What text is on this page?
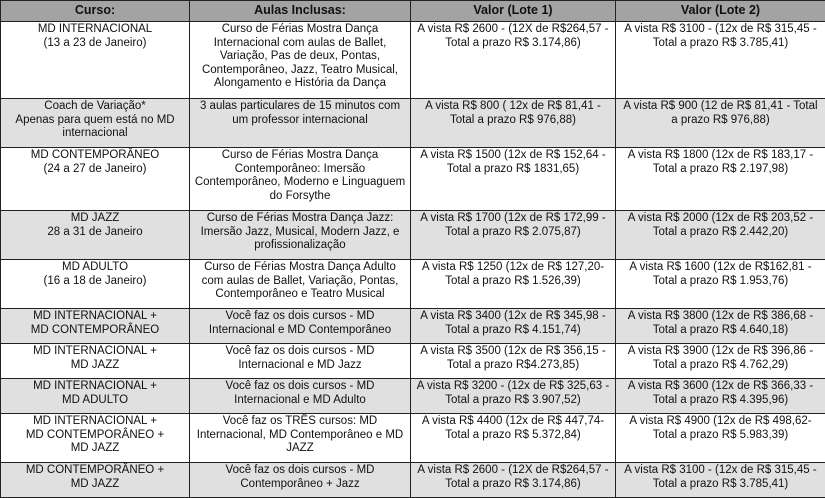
Curso:	Aulas Inclusas:	Valor (Lote 1)	Valor (Lote 2)

MD INTERNACIONAL
(13 a 23 de Janeiro)	Curso de Férias Mostra Dança Internacional com aulas de Ballet, Variação, Pas de deux, Pontas, Contemporâneo, Jazz, Teatro Musical, Alongamento e História da Dança	A vista R$ 2600 - (12X de R$264,57 - Total a prazo R$ 3.174,86)	A vista R$ 3100 - (12x de R$ 315,45 - Total a prazo R$ 3.785,41)

Coach de Variação*
Apenas para quem está no MD internacional	3 aulas particulares de 15 minutos com um professor internacional	A vista R$ 800 ( 12x de R$ 81,41 - Total a prazo R$ 976,88)	A vista R$ 900 (12 de R$ 81,41 - Total a prazo R$ 976,88)

MD CONTEMPORÂNEO
(24 a 27 de Janeiro)	Curso de Férias Mostra Dança Contemporâneo: Imersão Contemporâneo, Moderno e Linguaguem do Forsythe	A vista R$ 1500 (12x de R$ 152,64 - Total a prazo R$ 1831,65)	A vista R$ 1800 (12x de R$ 183,17 - Total a prazo R$ 2.197,98)

MD JAZZ
28 a 31 de Janeiro	Curso de Férias Mostra Dança Jazz: Imersão Jazz, Musical, Modern Jazz, e profissionalização	A vista R$ 1700 (12x de R$ 172,99 - Total a prazo R$ 2.075,87)	A vista R$ 2000 (12x de R$ 203,52 - Total a prazo R$ 2.442,20)

MD ADULTO
(16 a 18 de Janeiro)	Curso de Férias Mostra Dança Adulto com aulas de Ballet, Variação, Pontas, Contemporâneo e Teatro Musical	A vista R$ 1250 (12x de R$ 127,20- Total a prazo R$ 1.526,39)	A vista R$ 1600 (12x de R$162,81 - Total a prazo R$ 1.953,76)

MD INTERNACIONAL +
MD CONTEMPORÂNEO	Você faz os dois cursos - MD Internacional e MD Contemporâneo	A vista R$ 3400 (12x de R$ 345,98 - Total a prazo R$ 4.151,74)	A vista R$ 3800 (12x de R$ 386,68 - Total a prazo R$ 4.640,18)

MD INTERNACIONAL +
MD JAZZ	Você faz os dois cursos - MD Internacional e MD Jazz	A vista R$ 3500 (12x de R$ 356,15 - Total a prazo R$4.273,85)	A vista R$ 3900 (12x de R$ 396,86 - Total a prazo R$ 4.762,29)

MD INTERNACIONAL +
MD ADULTO	Você faz os dois cursos - MD Internacional e MD Adulto	A vista R$ 3200 - (12x de R$ 325,63 - Total a prazo R$ 3.907,52)	A vista R$ 3600 (12x de R$ 366,33 - Total a prazo R$ 4.395,96)

MD INTERNACIONAL +
MD CONTEMPORÂNEO +
MD JAZZ	Você faz os TRÊS cursos: MD Internacional, MD Contemporâneo e MD JAZZ	A vista R$ 4400 (12x de R$ 447,74- Total a prazo R$ 5.372,84)	A vista R$ 4900 (12x de R$ 498,62- Total a prazo R$ 5.983,39)

MD CONTEMPORÂNEO +
MD JAZZ	Você faz os dois cursos - MD Contemporâneo + Jazz	A vista R$ 2600 - (12X de R$264,57 - Total a prazo R$ 3.174,86)	A vista R$ 3100 - (12x de R$ 315,45 - Total a prazo R$ 3.785,41)
